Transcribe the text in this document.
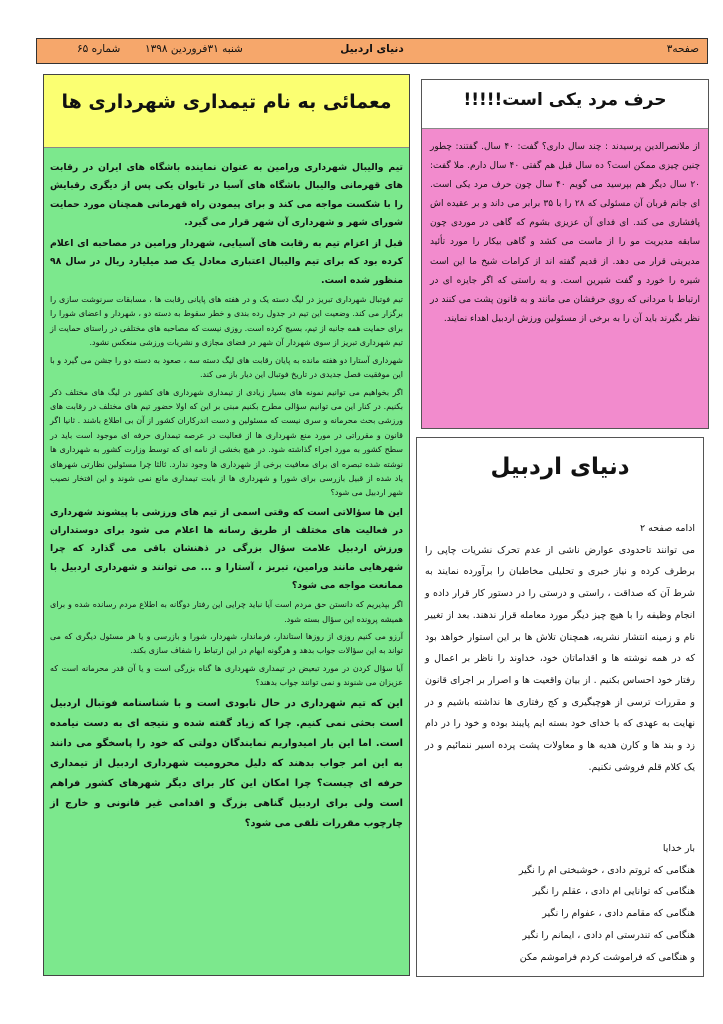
صفحه۳
دنیای اردبیل
شنبه ۳۱فروردین ۱۳۹۸
شماره ۶۵
معمائی به نام تیمداری شهرداری ها

تیم والیبال شهرداری ورامین به عنوان نماینده باشگاه های ایران در رقابت های قهرمانی والیبال باشگاه های آسیا در تایوان یکی پس از دیگری رقبایش را با شکست مواجه می کند و برای پیمودن راه قهرمانی همچنان مورد حمایت شورای شهر و شهرداری آن شهر قرار می گیرد.

قبل از اعزام تیم به رقابت های آسیایی، شهردار ورامین در مصاحبه ای اعلام کرده بود که برای تیم والیبال اعتباری معادل یک صد میلیارد ریال در سال ۹۸ منظور شده است.

تیم فوتبال شهرداری تبریز در لیگ دسته یک و در هفته های پایانی رقابت ها ، مسابقات سرنوشت سازی را برگزار می کند. وضعیت این تیم در جدول رده بندی و خطر سقوط به دسته دو ، شهردار و اعضای شورا را برای حمایت همه جانبه از تیم، بسیج کرده است. روزی نیست که مصاحبه های مختلفی در راستای حمایت از تیم شهرداری تبریز از سوی شهردار آن شهر در فضای مجازی و نشریات ورزشی منعکس نشود.

شهرداری آستارا دو هفته مانده به پایان رقابت های لیگ دسته سه ، صعود به دسته دو را جشن می گیرد و با این موفقیت فصل جدیدی در تاریخ فوتبال این دیار باز می کند.

اگر بخواهیم می توانیم نمونه های بسیار زیادی از تیمداری شهرداری های کشور در لیگ های مختلف ذکر بکنیم. در کنار این می توانیم سؤالی مطرح بکنیم مبنی بر این که اولا حضور تیم های مختلف در رقابت های ورزشی بحث محرمانه و سری نیست که مسئولین و دست اندرکاران کشور از آن بی اطلاع باشند . ثانیا اگر قانون و مقرراتی در مورد منع شهرداری ها از فعالیت در عرصه تیمداری حرفه ای موجود است باید در سطح کشور به مورد اجراء گذاشته شود. در هیچ بخشی از نامه ای که توسط وزارت کشور به شهرداری ها نوشته شده تبصره ای برای معافیت برخی از شهرداری ها وجود ندارد. ثالثا چرا مسئولین نظارتی شهرهای یاد شده از قبیل بازرسی برای شورا و شهرداری ها از بابت تیمداری مانع نمی شوند و این افتخار نصیب شهر اردبیل می شود؟

این ها سؤالاتی است که وقتی اسمی از تیم های ورزشی با پیشوند شهرداری در فعالیت های مختلف از طریق رسانه ها اعلام می شود برای دوستداران ورزش اردبیل علامت سؤال بزرگی در ذهنشان باقی می گذارد که چرا شهرهایی مانند ورامین، تبریز ، آستارا و ... می توانند و شهرداری اردبیل با ممانعت مواجه می شود؟

اگر بپذیریم که دانستن حق مردم است آیا نباید چرایی این رفتار دوگانه به اطلاع مردم رسانده شده و برای همیشه پرونده این سؤال بسته شود.

آرزو می کنیم روزی از روزها استاندار، فرماندار، شهردار، شورا و بازرسی و یا هر مسئول دیگری که می تواند به این سؤالات جواب بدهد و هرگونه ابهام در این ارتباط را شفاف سازی بکند.

آیا سؤال کردن در مورد تبعیض در تیمداری شهرداری ها گناه بزرگی است و یا آن قدر محرمانه است که عزیزان می شنوند و نمی توانند جواب بدهند؟

این که تیم شهرداری در حال نابودی است و با شناسنامه فوتبال اردبیل است بحثی نمی کنیم. چرا که زیاد گفته شده و نتیجه ای به دست نیامده است. اما این بار امیدواریم نمایندگان دولتی که خود را پاسخگو می دانند به این امر جواب بدهند که دلیل محرومیت شهرداری اردبیل از تیمداری حرفه ای چیست؟ چرا امکان این کار برای دیگر شهرهای کشور فراهم است ولی برای اردبیل گناهی بزرگ و اقدامی غیر قانونی و خارج از چارچوب مقررات تلقی می شود؟

حرف مرد یکی است!!!!!

از ملانصرالدین پرسیدند : چند سال داری؟ گفت: ۴۰ سال. گفتند: چطور چنین چیزی ممکن است؟ ده سال قبل هم گفتی ۴۰ سال دارم. ملا گفت: ۲۰ سال دیگر هم بپرسید می گویم ۴۰ سال چون حرف مرد یکی است. ای جانم قربان آن مسئولی که ۲۸ را با ۳۵ برابر می داند و بر عقیده اش پافشاری می کند. ای فدای آن عزیزی بشوم که گاهی در موردی چون سابقه مدیریت مو را از ماست می کشد و گاهی بیکار را مورد تأئید مدیریتی قرار می دهد. از قدیم گفته اند از کرامات شیخ ما این است شیره را خورد و گفت شیرین است. و به راستی که اگر جایزه ای در ارتباط با مردانی که روی حرفشان می مانند و به قانون پشت می کنند در نظر بگیرند باید آن را به برخی از مسئولین ورزش اردبیل اهداء نمایند.

دنیای اردبیل

ادامه صفحه ۲

می توانند تاحدودی عوارض ناشی از عدم تحرک نشریات چاپی را برطرف کرده و نیاز خبری و تحلیلی مخاطبان را برآورده نمایند به شرط آن که صداقت ، راستی و درستی را در دستور کار قرار داده و انجام وظیفه را با هیچ چیز دیگر مورد معامله قرار ندهند. بعد از تغییر نام و زمینه انتشار نشریه، همچنان تلاش ها بر این استوار خواهد بود که در همه نوشته ها و اقداماتان خود، خداوند را ناظر بر اعمال و رفتار خود احساس بکنیم . از بیان واقعیت ها و اصرار بر اجرای قانون و مقررات ترسی از هوچیگیری و کج رفتاری ها نداشته باشیم و در نهایت به عهدی که با خدای خود بسته ایم پایبند بوده و خود را در دام زد و بند ها و کارن هدیه ها و معاولات پشت پرده اسیر ننمائیم و در یک کلام قلم فروشی نکنیم.

بار خدایا
هنگامی که ثروتم دادی ، خوشبختی ام را نگیر
هنگامی که توانایی ام دادی ، عقلم را نگیر
هنگامی که مقامم دادی ، عفوام را نگیر
هنگامی که تندرستی ام دادی ، ایمانم را نگیر
و هنگامی که فراموشت کردم فراموشم مکن
